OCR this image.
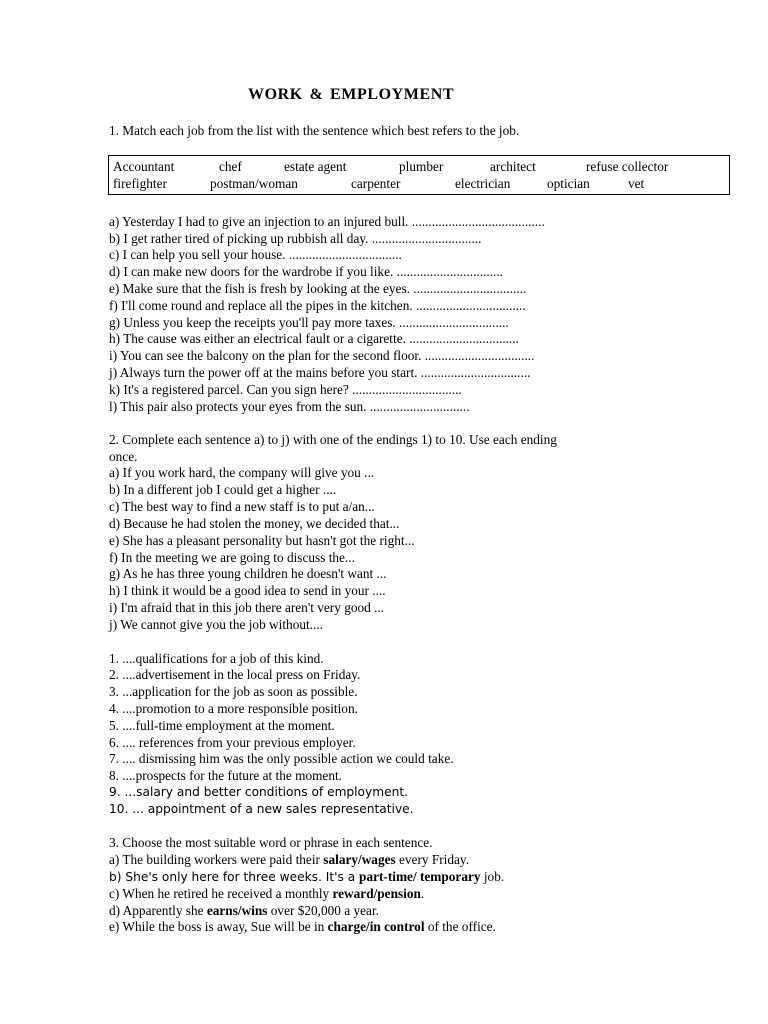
WORK & EMPLOYMENT
1. Match each job from the list with the sentence which best refers to the job.
Accountant	chef	estate agent	plumber	architect	refuse collector
firefighter	postman/woman	carpenter	electrician	optician	vet
a) Yesterday I had to give an injection to an injured bull. ........................................
b) I get rather tired of picking up rubbish all day. .................................
c) I can help you sell your house. ..................................
d) I can make new doors for the wardrobe if you like. ................................
e) Make sure that the fish is fresh by looking at the eyes. ..................................
f) I'll come round and replace all the pipes in the kitchen. .................................
g) Unless you keep the receipts you'll pay more taxes. .................................
h) The cause was either an electrical fault or a cigarette. .................................
i) You can see the balcony on the plan for the second floor. .................................
j) Always turn the power off at the mains before you start. .................................
k) It's a registered parcel. Can you sign here? .................................
l) This pair also protects your eyes from the sun. ..............................
2. Complete each sentence a) to j) with one of the endings 1) to 10. Use each ending
once.
a) If you work hard, the company will give you ...
b) In a different job I could get a higher ....
c) The best way to find a new staff is to put a/an...
d) Because he had stolen the money, we decided that...
e) She has a pleasant personality but hasn't got the right...
f) In the meeting we are going to discuss the...
g) As he has three young children he doesn't want ...
h) I think it would be a good idea to send in your ....
i) I'm afraid that in this job there aren't very good ...
j) We cannot give you the job without....
1. ....qualifications for a job of this kind.
2. ....advertisement in the local press on Friday.
3. ...application for the job as soon as possible.
4. ....promotion to a more responsible position.
5. ....full-time employment at the moment.
6. .... references from your previous employer.
7. .... dismissing him was the only possible action we could take.
8. ....prospects for the future at the moment.
9. ...salary and better conditions of employment.
10. ... appointment of a new sales representative.
3. Choose the most suitable word or phrase in each sentence.
a) The building workers were paid their salary/wages every Friday.
b) She's only here for three weeks. It's a part-time/ temporary job.
c) When he retired he received a monthly reward/pension.
d) Apparently she earns/wins over $20,000 a year.
e) While the boss is away, Sue will be in charge/in control of the office.
